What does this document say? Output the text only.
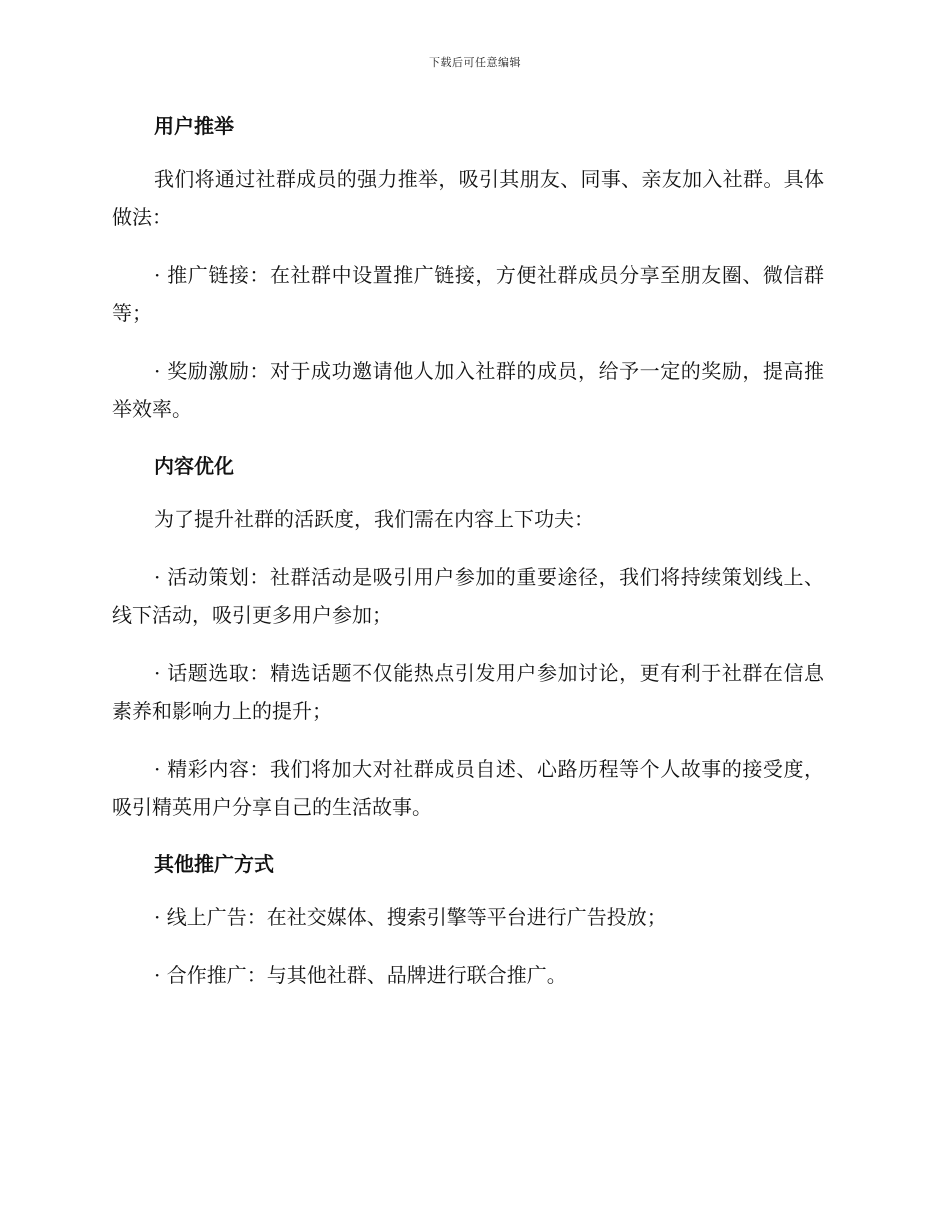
下载后可任意编辑
用户推举

我们将通过社群成员的强力推举，吸引其朋友、同事、亲友加入社群。具体做法：

· 推广链接：在社群中设置推广链接，方便社群成员分享至朋友圈、微信群等；

· 奖励激励：对于成功邀请他人加入社群的成员，给予一定的奖励，提高推举效率。

内容优化

为了提升社群的活跃度，我们需在内容上下功夫：

· 活动策划：社群活动是吸引用户参加的重要途径，我们将持续策划线上、线下活动，吸引更多用户参加；

· 话题选取：精选话题不仅能热点引发用户参加讨论，更有利于社群在信息素养和影响力上的提升；

· 精彩内容：我们将加大对社群成员自述、心路历程等个人故事的接受度，吸引精英用户分享自己的生活故事。

其他推广方式

· 线上广告：在社交媒体、搜索引擎等平台进行广告投放；

· 合作推广：与其他社群、品牌进行联合推广。
